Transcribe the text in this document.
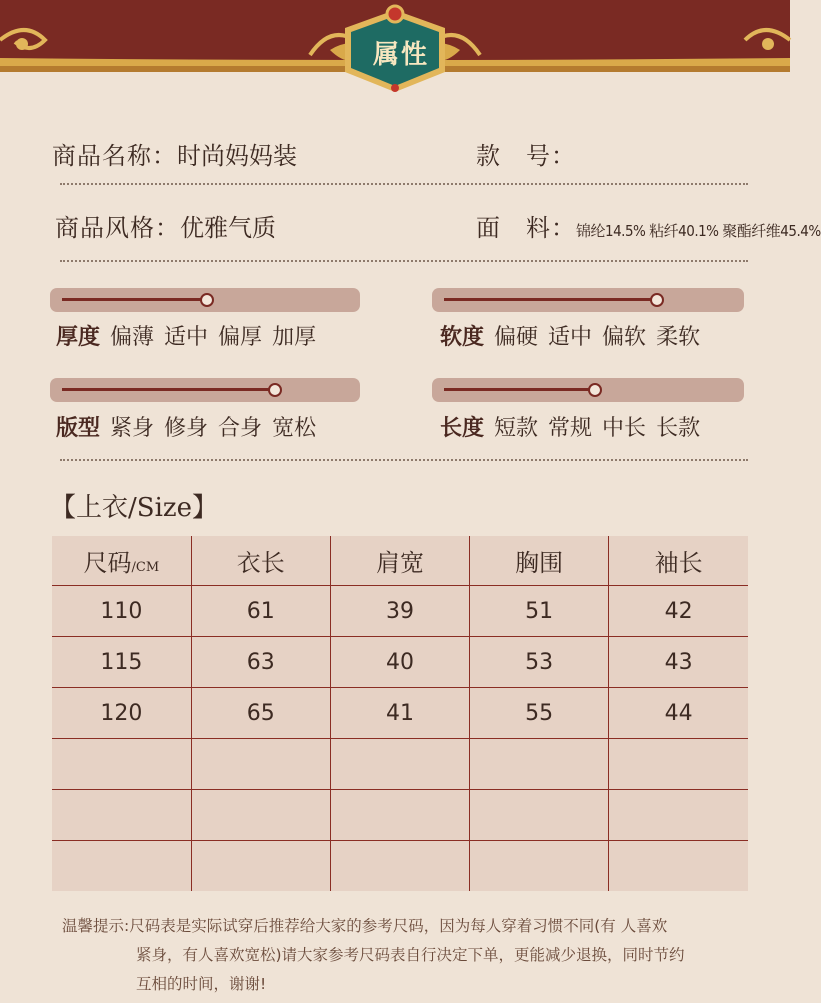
属性
商品名称：时尚妈妈装	款　号：
商品风格：优雅气质	面　料：锦纶14.5% 粘纤40.1% 聚酯纤维45.4%
厚度 偏薄 适中 偏厚 加厚	软度 偏硬 适中 偏软 柔软
版型 紧身 修身 合身 宽松	长度 短款 常规 中长 长款
【上衣/Size】
尺码/CM	衣长	肩宽	胸围	袖长
110	61	39	51	42
115	63	40	53	43
120	65	41	55	44

温馨提示:尺码表是实际试穿后推荐给大家的参考尺码，因为每人穿着习惯不同(有 人喜欢
紧身，有人喜欢宽松)请大家参考尺码表自行决定下单，更能减少退换，同时节约
互相的时间，谢谢!
